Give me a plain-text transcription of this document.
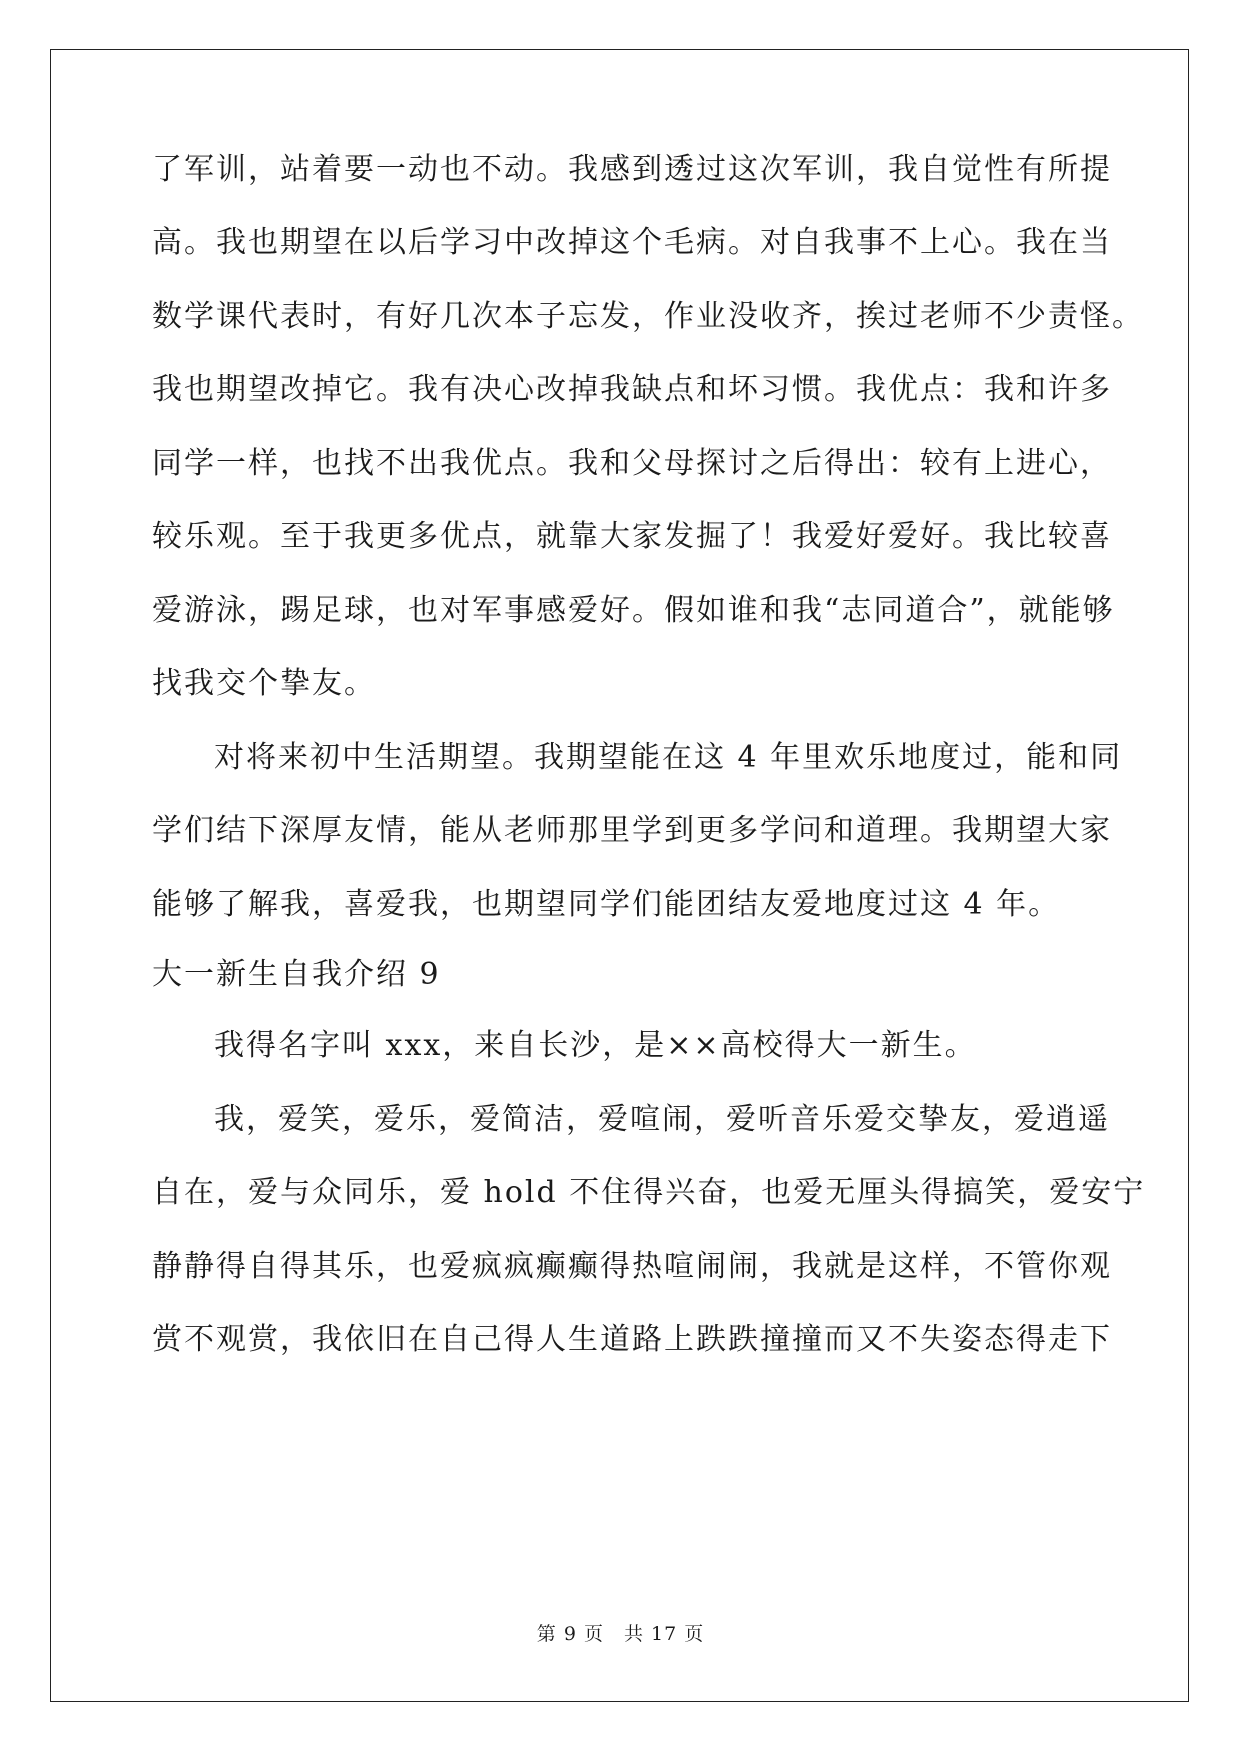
了军训，站着要一动也不动。我感到透过这次军训，我自觉性有所提
高。我也期望在以后学习中改掉这个毛病。对自我事不上心。我在当
数学课代表时，有好几次本子忘发，作业没收齐，挨过老师不少责怪。
我也期望改掉它。我有决心改掉我缺点和坏习惯。我优点：我和许多
同学一样，也找不出我优点。我和父母探讨之后得出：较有上进心，
较乐观。至于我更多优点，就靠大家发掘了！我爱好爱好。我比较喜
爱游泳，踢足球，也对军事感爱好。假如谁和我“志同道合”，就能够
找我交个挚友。
对将来初中生活期望。我期望能在这 4 年里欢乐地度过，能和同
学们结下深厚友情，能从老师那里学到更多学问和道理。我期望大家
能够了解我，喜爱我，也期望同学们能团结友爱地度过这 4 年。
大一新生自我介绍 9
我得名字叫 xxx，来自长沙，是××高校得大一新生。
我，爱笑，爱乐，爱简洁，爱喧闹，爱听音乐爱交挚友，爱逍遥
自在，爱与众同乐，爱 hold 不住得兴奋，也爱无厘头得搞笑，爱安宁
静静得自得其乐，也爱疯疯癫癫得热喧闹闹，我就是这样，不管你观
赏不观赏，我依旧在自己得人生道路上跌跌撞撞而又不失姿态得走下
第 9 页 共 17 页
